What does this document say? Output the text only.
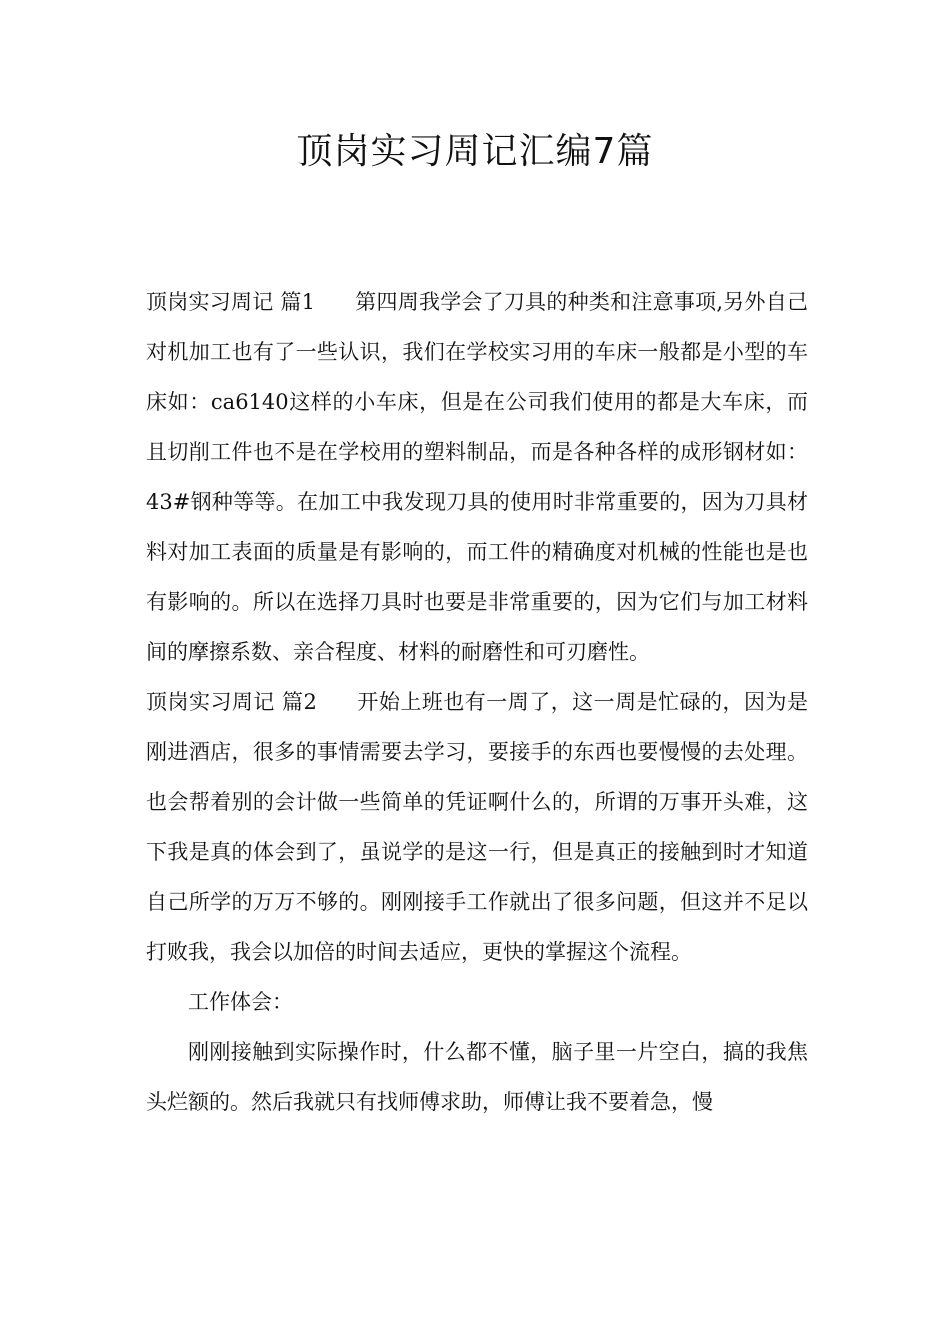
顶岗实习周记汇编7篇

顶岗实习周记 篇1 第四周我学会了刀具的种类和注意事项,另外自己对机加工也有了一些认识，我们在学校实习用的车床一般都是小型的车床如：ca6140这样的小车床，但是在公司我们使用的都是大车床，而且切削工件也不是在学校用的塑料制品，而是各种各样的成形钢材如：43#钢种等等。在加工中我发现刀具的使用时非常重要的，因为刀具材料对加工表面的质量是有影响的，而工件的精确度对机械的性能也是也有影响的。所以在选择刀具时也要是非常重要的，因为它们与加工材料间的摩擦系数、亲合程度、材料的耐磨性和可刃磨性。

顶岗实习周记 篇2 开始上班也有一周了，这一周是忙碌的，因为是刚进酒店，很多的事情需要去学习，要接手的东西也要慢慢的去处理。也会帮着别的会计做一些简单的凭证啊什么的，所谓的万事开头难，这下我是真的体会到了，虽说学的是这一行，但是真正的接触到时才知道自己所学的万万不够的。刚刚接手工作就出了很多问题，但这并不足以打败我，我会以加倍的时间去适应，更快的掌握这个流程。

工作体会：

刚刚接触到实际操作时，什么都不懂，脑子里一片空白，搞的我焦头烂额的。然后我就只有找师傅求助，师傅让我不要着急，慢
